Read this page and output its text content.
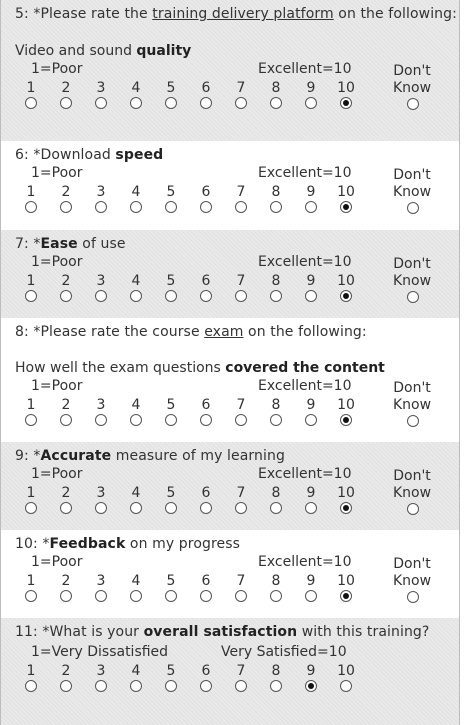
5: *Please rate the training delivery platform on the following:

Video and sound quality

1=Poor	Excellent=10
1	2	3	4	5	6	7	8	9	10
Don't
Know

6: *Download speed

1=Poor	Excellent=10
1	2	3	4	5	6	7	8	9	10
Don't
Know

7: *Ease of use

1=Poor	Excellent=10
1	2	3	4	5	6	7	8	9	10
Don't
Know

8: *Please rate the course exam on the following:

How well the exam questions covered the content

1=Poor	Excellent=10
1	2	3	4	5	6	7	8	9	10
Don't
Know

9: *Accurate measure of my learning

1=Poor	Excellent=10
1	2	3	4	5	6	7	8	9	10
Don't
Know

10: *Feedback on my progress

1=Poor	Excellent=10
1	2	3	4	5	6	7	8	9	10
Don't
Know

11: *What is your overall satisfaction with this training?

1=Very Dissatisfied	Very Satisfied=10
1	2	3	4	5	6	7	8	9	10
